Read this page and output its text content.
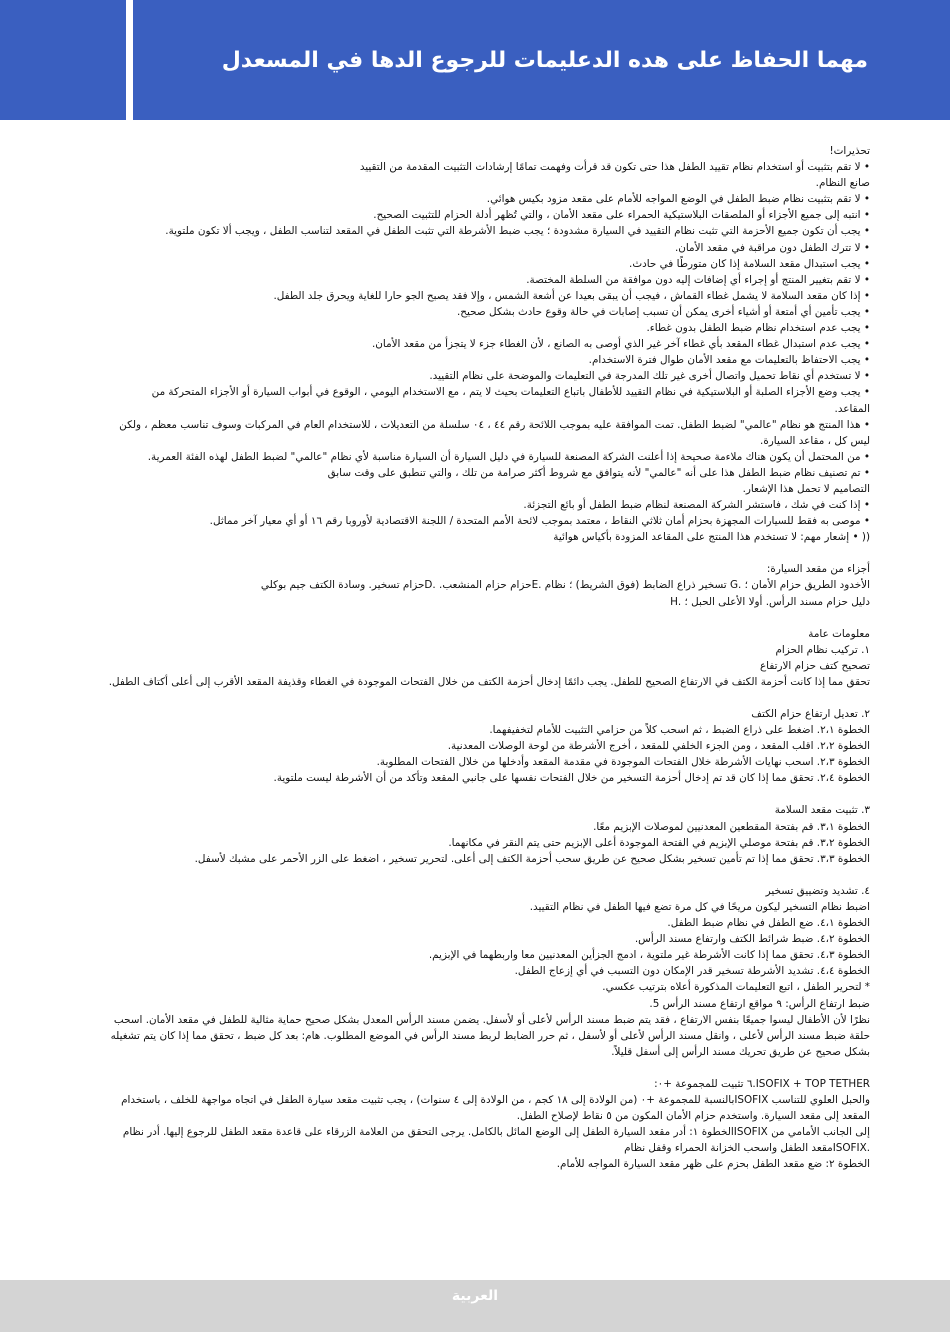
مهما الحفاظ على هده الدعليمات للرجوع الدها في المسعدل
تحذيرات!
• لا تقم بتثبيت أو استخدام نظام تقييد الطفل هذا حتى تكون قد قرأت وفهمت تمامًا إرشادات التثبيت المقدمة من التقييد
صانع النظام.
• لا تقم بتثبيت نظام ضبط الطفل في الوضع المواجه للأمام على مقعد مزود بكيس هوائي.
• انتبه إلى جميع الأجزاء أو الملصقات البلاستيكية الحمراء على مقعد الأمان ، والتي تُظهر أدلة الحزام للتثبيت الصحيح.
• يجب أن تكون جميع الأحزمة التي تثبت نظام التقييد في السيارة مشدودة ؛ يجب ضبط الأشرطة التي تثبت الطفل في المقعد لتناسب الطفل ، ويجب ألا تكون ملتوية.
• لا تترك الطفل دون مراقبة في مقعد الأمان.
• يجب استبدال مقعد السلامة إذا كان متورطًا في حادث.
• لا تقم بتغيير المنتج أو إجراء أي إضافات إليه دون موافقة من السلطة المختصة.
• إذا كان مقعد السلامة لا يشمل غطاء القماش ، فيجب أن يبقى بعيدا عن أشعة الشمس ، وإلا فقد يصبح الجو حارا للغاية ويحرق جلد الطفل.
• يجب تأمين أي أمتعة أو أشياء أخرى يمكن أن تسبب إصابات في حالة وقوع حادث بشكل صحيح.
• يجب عدم استخدام نظام ضبط الطفل بدون غطاء.
• يجب عدم استبدال غطاء المقعد بأي غطاء آخر غير الذي أوصى به الصانع ، لأن الغطاء جزء لا يتجزأ من مقعد الأمان.
• يجب الاحتفاظ بالتعليمات مع مقعد الأمان طوال فترة الاستخدام.
• لا تستخدم أي نقاط تحميل واتصال أخرى غير تلك المدرجة في التعليمات والموضحة على نظام التقييد.
• يجب وضع الأجزاء الصلبة أو البلاستيكية في نظام التقييد للأطفال باتباع التعليمات بحيث لا يتم ، مع الاستخدام اليومي ، الوقوع في أبواب السيارة أو الأجزاء المتحركة من
المقاعد.
• هذا المنتج هو نظام "عالمي" لضبط الطفل. تمت الموافقة عليه بموجب اللائحة رقم ٤٤ ، ٠٤ سلسلة من التعديلات ، للاستخدام العام في المركبات وسوف تناسب معظم ، ولكن
ليس كل ، مقاعد السيارة.
• من المحتمل أن يكون هناك ملاءمة صحيحة إذا أعلنت الشركة المصنعة للسيارة في دليل السيارة أن السيارة مناسبة لأي نظام "عالمي" لضبط الطفل لهذه الفئة العمرية.
• تم تصنيف نظام ضبط الطفل هذا على أنه "عالمي" لأنه يتوافق مع شروط أكثر صرامة من تلك ، والتي تنطبق على وقت سابق
التصاميم لا تحمل هذا الإشعار.
• إذا كنت في شك ، فاستشر الشركة المصنعة لنظام ضبط الطفل أو بائع التجزئة.
• موصى به فقط للسيارات المجهزة بحزام أمان ثلاثي النقاط ، معتمد بموجب لائحة الأمم المتحدة / اللجنة الاقتصادية لأوروبا رقم ١٦ أو أي معيار آخر مماثل.
(( • إشعار مهم: لا تستخدم هذا المنتج على المقاعد المزودة بأكياس هوائية
أجزاء من مقعد السيارة:
الأخدود الطريق حزام الأمان ؛ .G تسخير ذراع الضابط (فوق الشريط) ؛ نظام .Eحزام حزام المنشعب. .Dحزام تسخير. وسادة الكتف جيم بوكلي
دليل حزام مسند الرأس. أولا الأعلى الحبل ؛ .H
معلومات عامة
١. تركيب نظام الحزام
تصحيح كتف حزام الارتفاع
تحقق مما إذا كانت أحزمة الكتف في الارتفاع الصحيح للطفل. يجب دائمًا إدخال أحزمة الكتف من خلال الفتحات الموجودة في الغطاء وقذيفة المقعد الأقرب إلى أعلى أكتاف الطفل.
٢. تعديل ارتفاع حزام الكتف
الخطوة ٢،١. اضغط على ذراع الضبط ، ثم اسحب كلاً من حزامي التثبيت للأمام لتخفيفهما.
الخطوة ٢،٢. اقلب المقعد ، ومن الجزء الخلفي للمقعد ، أخرج الأشرطة من لوحة الوصلات المعدنية.
الخطوة ٢،٣. اسحب نهايات الأشرطة خلال الفتحات الموجودة في مقدمة المقعد وأدخلها من خلال الفتحات المطلوبة.
الخطوة ٢،٤. تحقق مما إذا كان قد تم إدخال أحزمة التسخير من خلال الفتحات نفسها على جانبي المقعد وتأكد من أن الأشرطة ليست ملتوية.
٣. تثبيت مقعد السلامة
الخطوة ٣،١. قم بفتحة المقطعين المعدنيين لموصلات الإبزيم معًا.
الخطوة ٣،٢. قم بفتحة موصلي الإبزيم في الفتحة الموجودة أعلى الإبزيم حتى يتم النقر في مكانهما.
الخطوة ٣،٣. تحقق مما إذا تم تأمين تسخير بشكل صحيح عن طريق سحب أحزمة الكتف إلى أعلى. لتحرير تسخير ، اضغط على الزر الأحمر على مشبك لأسفل.
٤. تشديد وتضييق تسخير
اضبط نظام التسخير ليكون مريحًا في كل مرة تضع فيها الطفل في نظام التقييد.
الخطوة ٤،١. ضع الطفل في نظام ضبط الطفل.
الخطوة ٤،٢. ضبط شرائط الكتف وارتفاع مسند الرأس.
الخطوة ٤،٣. تحقق مما إذا كانت الأشرطة غير ملتوية ، ادمج الجزأين المعدنيين معا واربطهما في الإبزيم.
الخطوة ٤،٤. تشديد الأشرطة تسخير قدر الإمكان دون التسبب في أي إزعاج الطفل.
* لتحرير الطفل ، اتبع التعليمات المذكورة أعلاه بترتيب عكسي.
ضبط ارتفاع الرأس: ٩ مواقع ارتفاع مسند الرأس 5.
نظرًا لأن الأطفال ليسوا جميعًا بنفس الارتفاع ، فقد يتم ضبط مسند الرأس لأعلى أو لأسفل. يضمن مسند الرأس المعدل بشكل صحيح حماية مثالية للطفل في مقعد الأمان. اسحب
حلقة ضبط مسند الرأس لأعلى ، وانقل مسند الرأس لأعلى أو لأسفل ، ثم حرر الضابط لربط مسند الرأس في الموضع المطلوب. هام: بعد كل ضبط ، تحقق مما إذا كان يتم تشغيله
بشكل صحيح عن طريق تحريك مسند الرأس إلى أسفل قليلاً.
ISOFIX + TOP TETHER.٦ تثبيت للمجموعة +٠:
والحبل العلوي للتناسب ISOFIXبالنسبة للمجموعة +٠ (من الولادة إلى ١٨ كجم ، من الولادة إلى ٤ سنوات) ، يجب تثبيت مقعد سيارة الطفل في اتجاه مواجهة للخلف ، باستخدام
المقعد إلى مقعد السيارة. واستخدم حزام الأمان المكون من ٥ نقاط لإصلاح الطفل.
إلى الجانب الأمامي من ISOFIXالخطوة ١: أدر مقعد السيارة الطفل إلى الوضع المائل بالكامل. يرجى التحقق من العلامة الزرقاء على قاعدة مقعد الطفل للرجوع إليها. أدر نظام
.ISOFIXمقعد الطفل واسحب الخزانة الحمراء وقفل نظام
الخطوة ٢: ضع مقعد الطفل بحزم على ظهر مقعد السيارة المواجه للأمام.
العربية
